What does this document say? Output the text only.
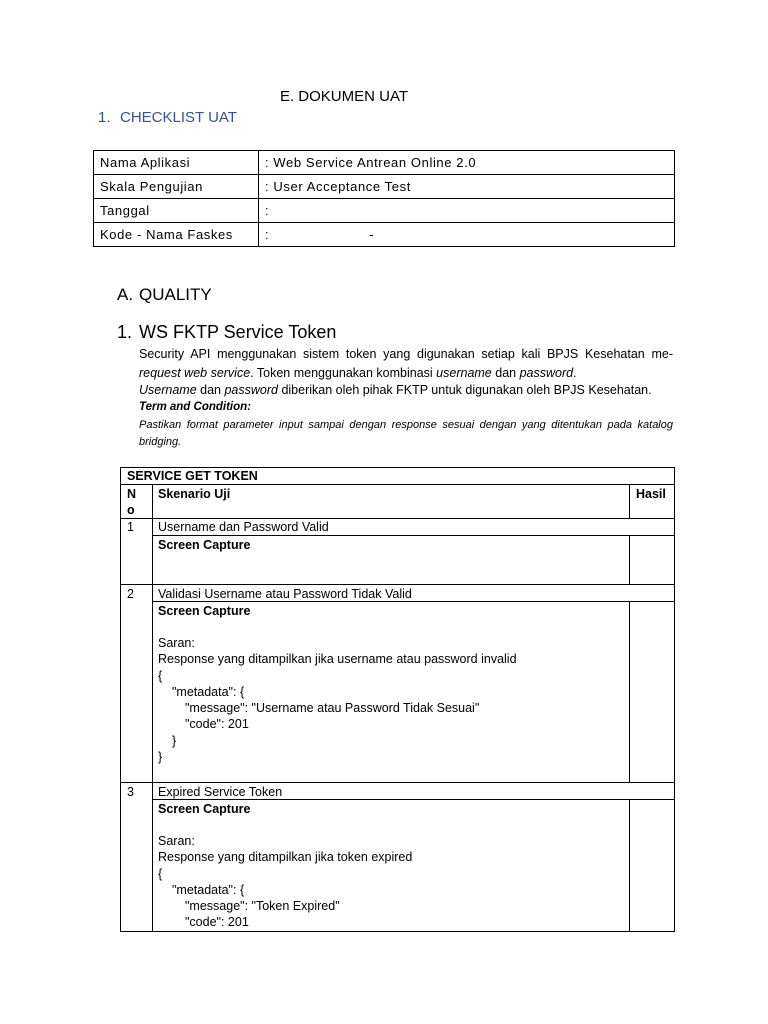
E. DOKUMEN UAT
1. CHECKLIST UAT
Nama Aplikasi	: Web Service Antrean Online 2.0
Skala Pengujian	: User Acceptance Test
Tanggal	:
Kode - Nama Faskes	: -
A. QUALITY
1. WS FKTP Service Token
Security API menggunakan sistem token yang digunakan setiap kali BPJS Kesehatan me-request web service. Token menggunakan kombinasi username dan password.
Username dan password diberikan oleh pihak FKTP untuk digunakan oleh BPJS Kesehatan.
Term and Condition:
Pastikan format parameter input sampai dengan response sesuai dengan yang ditentukan pada katalog bridging.
SERVICE GET TOKEN
N
o
Skenario Uji	Hasil
1 Username dan Password Valid
Screen Capture
2 Validasi Username atau Password Tidak Valid
Screen Capture
Saran:
Response yang ditampilkan jika username atau password invalid
{
"metadata": {
"message": "Username atau Password Tidak Sesuai"
"code": 201
}
}
3 Expired Service Token
Screen Capture
Saran:
Response yang ditampilkan jika token expired
{
"metadata": {
"message": "Token Expired"
"code": 201
